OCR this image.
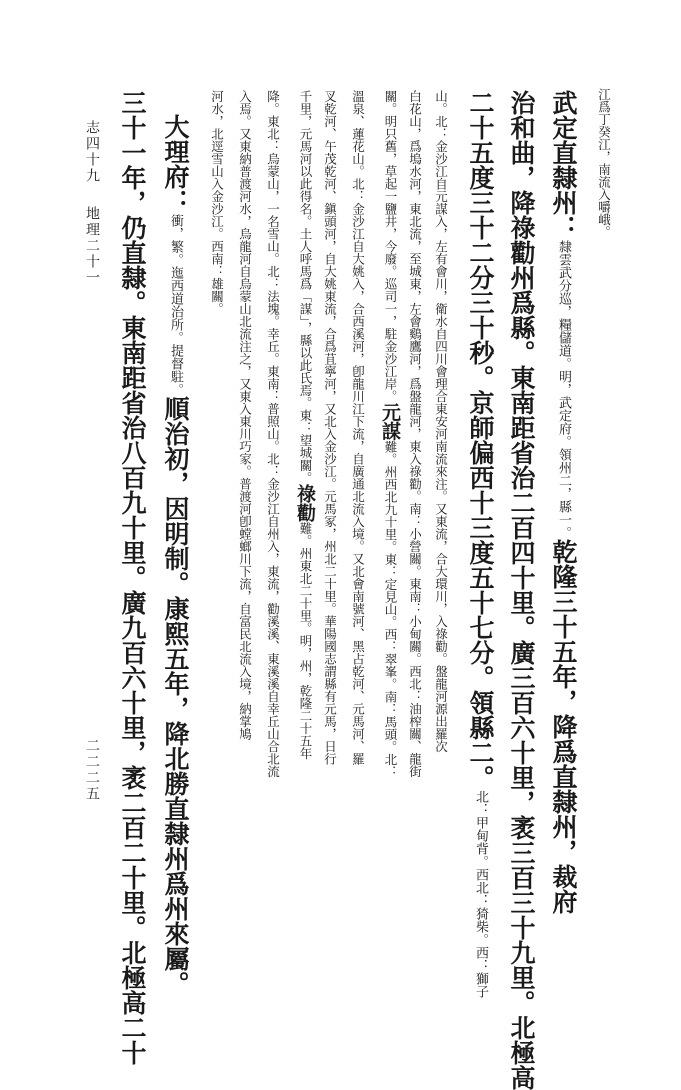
江爲丁癸江，南流入嚼峨。
武定直隸州：隸雲武分巡，糧儲道。明，武定府。領州二，縣一。乾隆三十五年，降爲直隸州，裁府
治和曲，降祿勸州爲縣。東南距省治二百四十里。廣三百六十里，袤三百三十九里。北極高
二十五度三十二分三十秒。京師偏西十三度五十七分。領縣二。北：甲甸背。西北：猗柴。西：獅子
山。北：金沙江自元謀入，左有會川，衛水自四川會理合東安河南流來注。又東流，合大環川，入祿勸。盤龍河源出羅次
白花山，爲塢水河，東北流，至城東，左會鷄鷹河，爲盤龍河，東入祿勸。南：小營關。東南：小甸關。西北：油榨關、龍街
關。明只舊，草起一鹽井，今廢。巡司一，駐金沙江岸。元謀難。州西北九十里。東：定見山。西：翠峯。南：馬頭。北：
溫泉、蓮花山。北：金沙江自大姚入，合西溪河，卽龍川江下流，自廣通北流入境。又北會南號河、黑占乾河、元馬河、羅
叉乾河、午茂乾河、鎭頭河，自大姚東流，合爲苴寧河，又北入金沙江。元馬冢，州北二十里。華陽國志謂縣有元馬，日行
千里，元馬河以此得名。土人呼馬爲「謀」，縣以此氏焉。東：望城關。祿勸難。州東北二十里。明，州，乾隆二十五年
降。東北：烏蒙山，一名雪山。北：法塊。幸丘。東南：普照山。北：金沙江自州入，東流，勸溪溪、東溪溪自幸丘山合北流
入焉。又東納普渡河水，烏龍河自烏蒙山北流注之，又東入東川巧家。普渡河卽螳螂川下流，自富民北流入境，納掌鳩
河水，北逕雪山入金沙江。西南：雄關。
大理府：衝，繁。迤西道治所。提督駐。順治初，因明制。康熙五年，降北勝直隸州爲州來屬。
三十一年，仍直隸。東南距省治八百九十里。廣九百六十里，袤二百二十里。北極高二十
志四十九地理二十一二二二五
